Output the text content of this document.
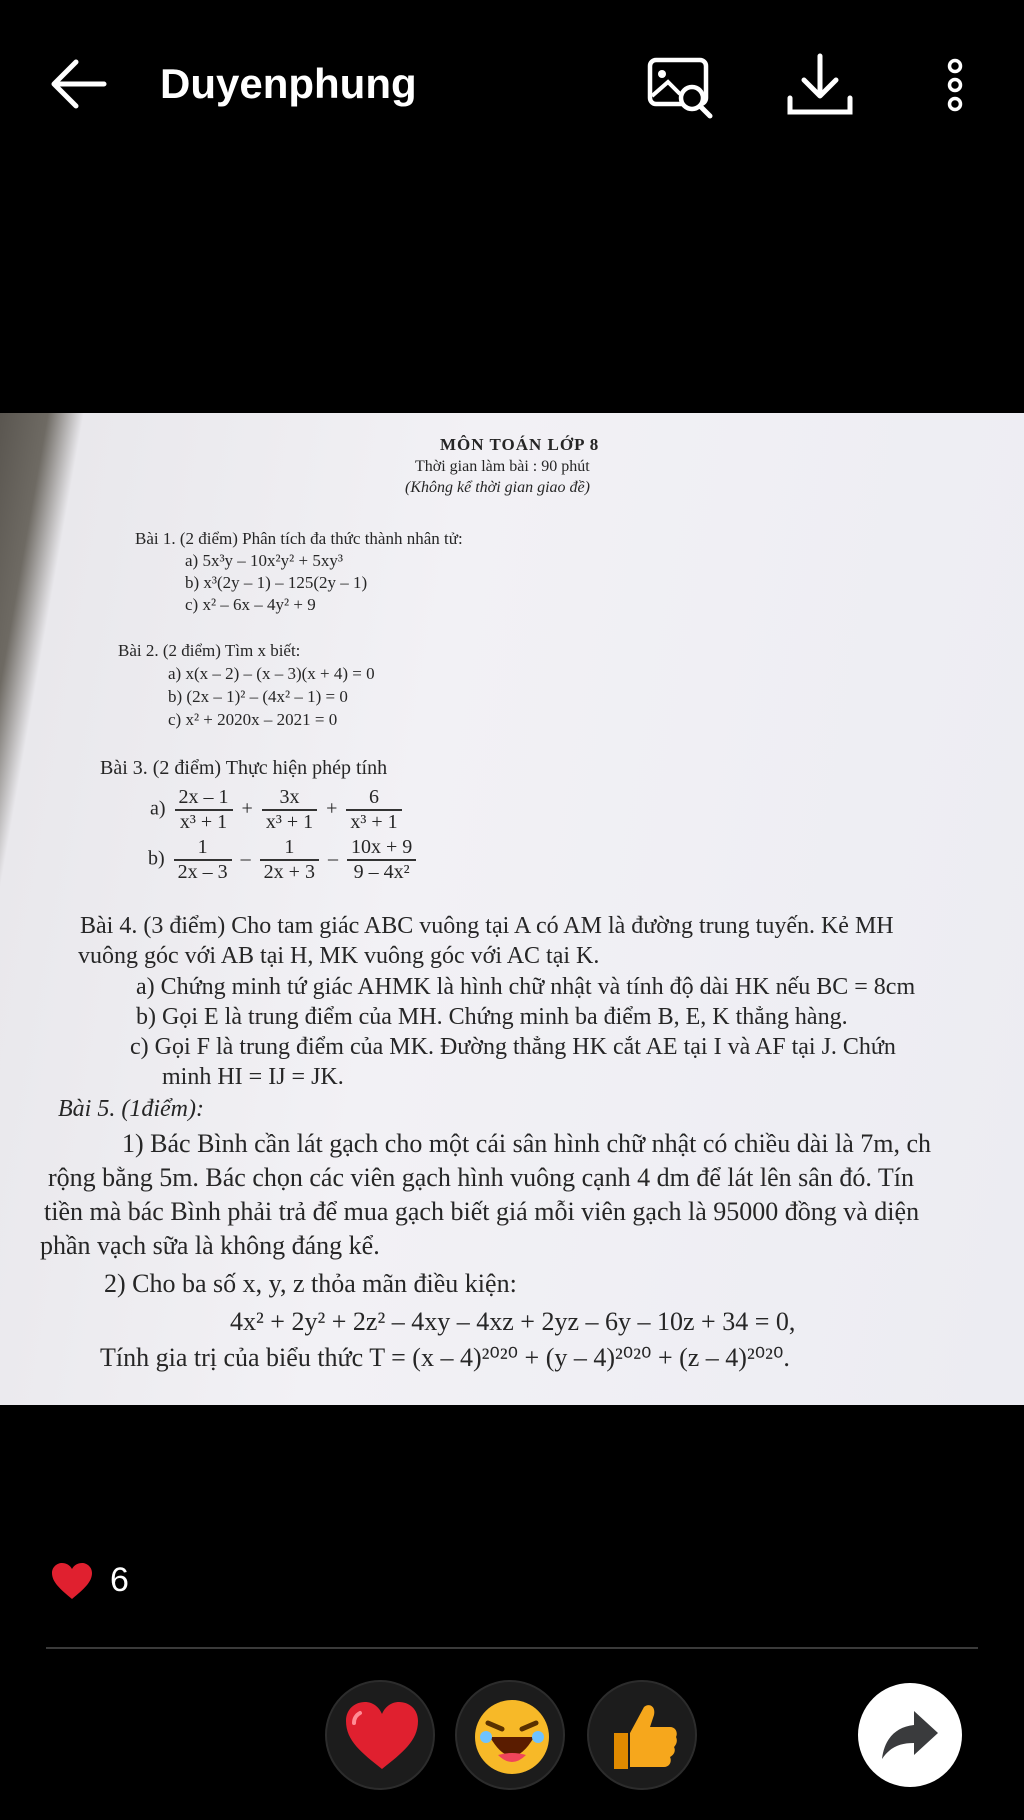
Duyenphung
MÔN TOÁN LỚP 8
Thời gian làm bài : 90 phút
(Không kể thời gian giao đề)
Bài 1. (2 điểm) Phân tích đa thức thành nhân tử:
a) 5x³y – 10x²y² + 5xy³
b) x³(2y – 1) – 125(2y – 1)
c) x² – 6x – 4y² + 9
Bài 2. (2 điểm) Tìm x biết:
a) x(x – 2) – (x – 3)(x + 4) = 0
b) (2x – 1)² – (4x² – 1) = 0
c) x² + 2020x – 2021 = 0
Bài 3. (2 điểm) Thực hiện phép tính
$a) \frac{2x - 1}{\text{x³ + 1}} + \frac{3x}{\text{x³ + 1}} + \frac{6}{\text{x³ + 1}}$
$b) \frac{1}{2x - 3} - \frac{1}{2x + 3} - \frac{10x + 9}{\text{9 – 4x²}}$
Bài 4. (3 điểm) Cho tam giác ABC vuông tại A có AM là đường trung tuyến. Kẻ MH
vuông góc với AB tại H, MK vuông góc với AC tại K.
a) Chứng minh tứ giác AHMK là hình chữ nhật và tính độ dài HK nếu BC = 8cm
b) Gọi E là trung điểm của MH. Chứng minh ba điểm B, E, K thẳng hàng.
c) Gọi F là trung điểm của MK. Đường thẳng HK cắt AE tại I và AF tại J. Chứn
minh HI = IJ = JK.
Bài 5. (1điểm):
1) Bác Bình cần lát gạch cho một cái sân hình chữ nhật có chiều dài là 7m, ch
rộng bằng 5m. Bác chọn các viên gạch hình vuông cạnh 4 dm để lát lên sân đó. Tín
tiền mà bác Bình phải trả để mua gạch biết giá mỗi viên gạch là 95000 đồng và diện
phần vạch sữa là không đáng kể.
2) Cho ba số x, y, z thỏa mãn điều kiện:
4x² + 2y² + 2z² – 4xy – 4xz + 2yz – 6y – 10z + 34 = 0,
Tính gia trị của biểu thức T = (x – 4)²⁰²⁰ + (y – 4)²⁰²⁰ + (z – 4)²⁰²⁰.
6
